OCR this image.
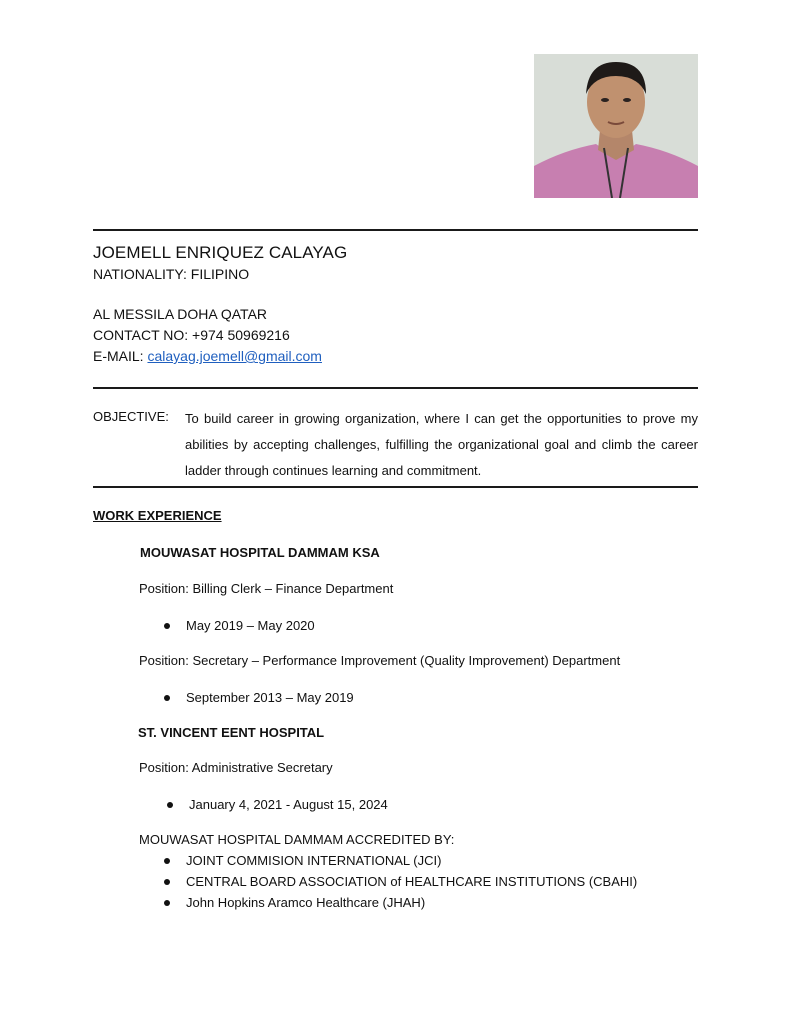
JOEMELL ENRIQUEZ CALAYAG
NATIONALITY: FILIPINO
AL MESSILA DOHA QATAR
CONTACT NO: +974 50969216
E-MAIL: calayag.joemell@gmail.com
OBJECTIVE: To build career in growing organization, where I can get the opportunities to prove my abilities by accepting challenges, fulfilling the organizational goal and climb the career ladder through continues learning and commitment.
WORK EXPERIENCE
MOUWASAT HOSPITAL DAMMAM KSA
Position: Billing Clerk – Finance Department
May 2019 – May 2020
Position: Secretary – Performance Improvement (Quality Improvement) Department
September 2013 – May 2019
ST. VINCENT EENT HOSPITAL
Position: Administrative Secretary
January 4, 2021 - August 15, 2024
MOUWASAT HOSPITAL DAMMAM ACCREDITED BY:
JOINT COMMISION INTERNATIONAL (JCI)
CENTRAL BOARD ASSOCIATION of HEALTHCARE INSTITUTIONS (CBAHI)
John Hopkins Aramco Healthcare (JHAH)
